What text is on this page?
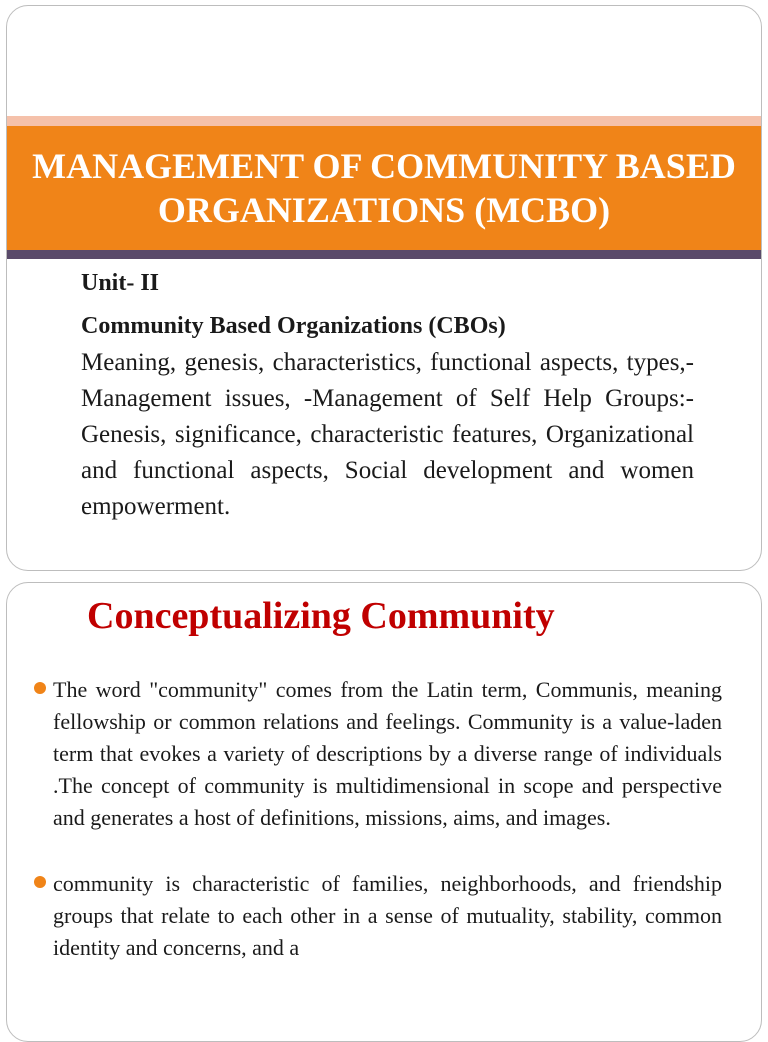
MANAGEMENT OF COMMUNITY BASED ORGANIZATIONS (MCBO)

Unit- II

Community Based Organizations (CBOs)

Meaning, genesis, characteristics, functional aspects, types,-Management issues, -Management of Self Help Groups:-Genesis, significance, characteristic features, Organizational and functional aspects, Social development and women empowerment.

Conceptualizing Community
The word "community" comes from the Latin term, Communis, meaning fellowship or common relations and feelings. Community is a value-laden term that evokes a variety of descriptions by a diverse range of individuals .The concept of community is multidimensional in scope and perspective and generates a host of definitions, missions, aims, and images.
community is characteristic of families, neighborhoods, and friendship groups that relate to each other in a sense of mutuality, stability, common identity and concerns, and a
